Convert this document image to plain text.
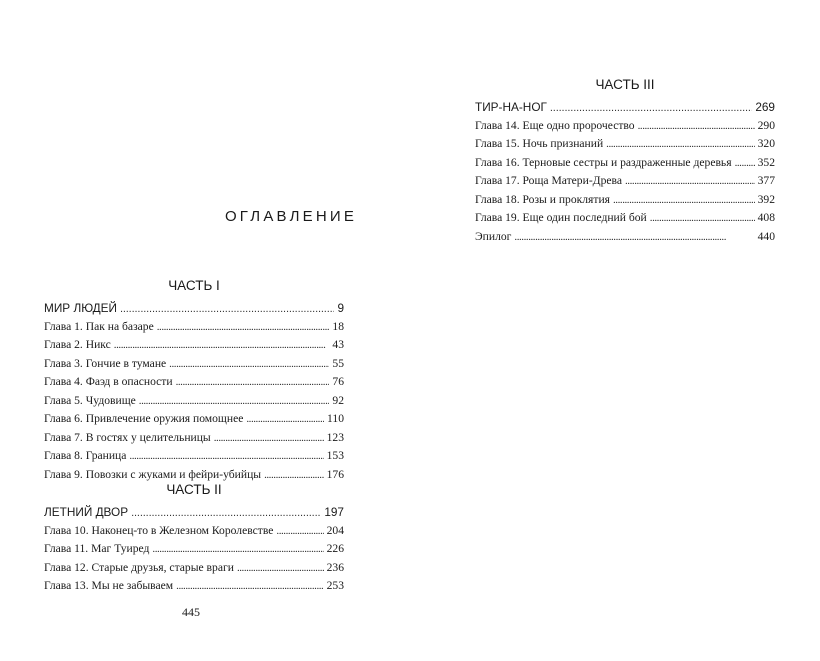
ОГЛАВЛЕНИЕ
ЧАСТЬ I
МИР ЛЮДЕЙ . . .	9
Глава 1. Пак на базаре . . .	18
Глава 2. Никс . . .	43
Глава 3. Гончие в тумане . . .	55
Глава 4. Фаэд в опасности . . .	76
Глава 5. Чудовище . . .	92
Глава 6. Привлечение оружия помощнее . . .	110
Глава 7. В гостях у целительницы . . .	123
Глава 8. Граница . . .	153
Глава 9. Повозки с жуками и фейри-убийцы . . .	176
ЧАСТЬ II
ЛЕТНИЙ ДВОР . . .	197
Глава 10. Наконец-то в Железном Королевстве . . .	204
Глава 11. Маг Туиред . . .	226
Глава 12. Старые друзья, старые враги . . .	236
Глава 13. Мы не забываем . . .	253
ЧАСТЬ III
ТИР-НА-НОГ . . .	269
Глава 14. Еще одно пророчество . . .	290
Глава 15. Ночь признаний . . .	320
Глава 16. Терновые сестры и раздраженные деревья . . . 352
Глава 17. Роща Матери-Древа . . .	377
Глава 18. Розы и проклятия . . .	392
Глава 19. Еще один последний бой . . .	408
Эпилог . . .	440
445
